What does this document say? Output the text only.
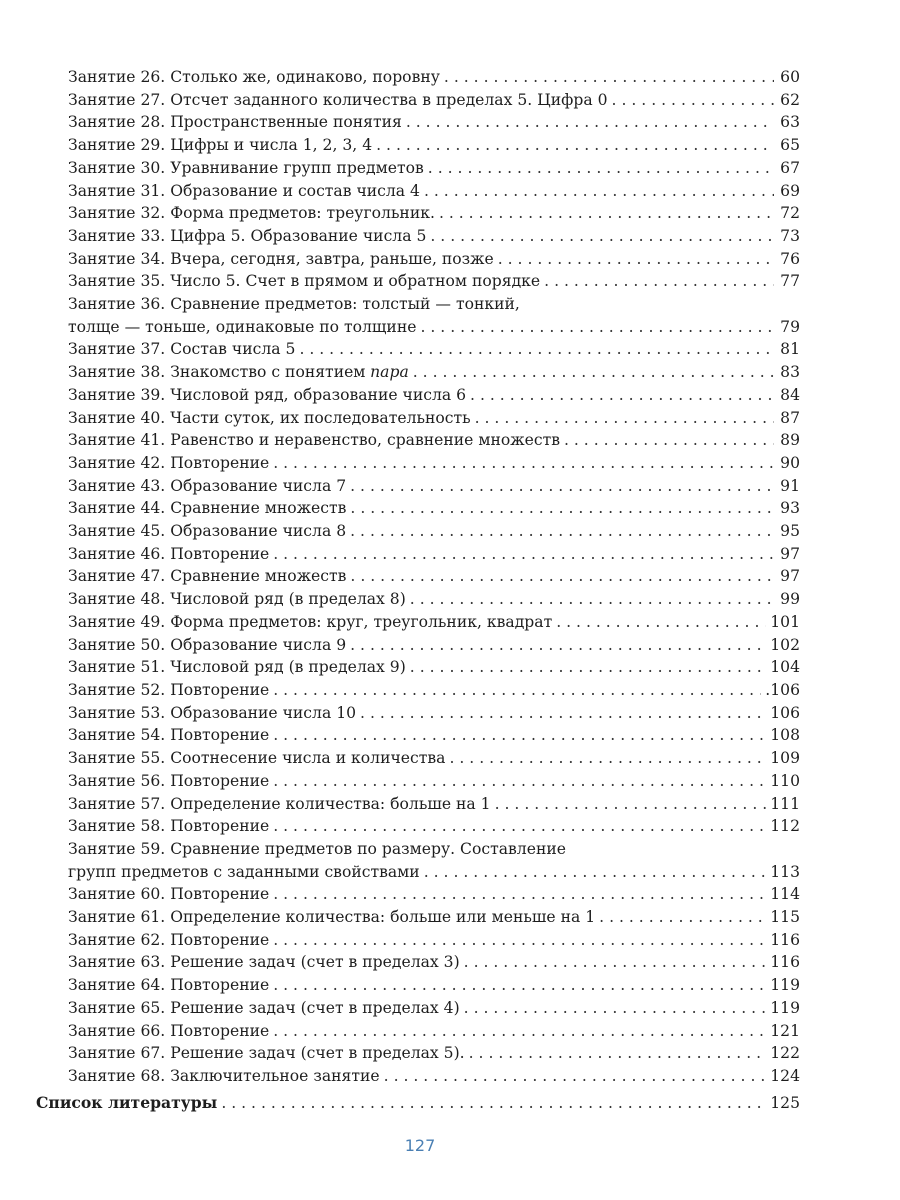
Занятие 26. Столько же, одинаково, поровну . . .	60
Занятие 27. Отсчет заданного количества в пределах 5. Цифра 0 . . .	62
Занятие 28. Пространственные понятия . . .	63
Занятие 29. Цифры и числа 1, 2, 3, 4 . . .	65
Занятие 30. Уравнивание групп предметов . . .	67
Занятие 31. Образование и состав числа 4 . . .	69
Занятие 32. Форма предметов: треугольник. . . .	72
Занятие 33. Цифра 5. Образование числа 5 . . .	73
Занятие 34. Вчера, сегодня, завтра, раньше, позже . . .	76
Занятие 35. Число 5. Счет в прямом и обратном порядке . . .	77
Занятие 36. Сравнение предметов: толстый — тонкий,
толще — тоньше, одинаковые по толщине . . .	79
Занятие 37. Состав числа 5 . . .	81
Занятие 38. Знакомство с понятием пара . . .	83
Занятие 39. Числовой ряд, образование числа 6 . . .	84
Занятие 40. Части суток, их последовательность . . .	87
Занятие 41. Равенство и неравенство, сравнение множеств . . .	89
Занятие 42. Повторение . . .	90
Занятие 43. Образование числа 7 . . .	91
Занятие 44. Сравнение множеств . . .	93
Занятие 45. Образование числа 8 . . .	95
Занятие 46. Повторение . . .	97
Занятие 47. Сравнение множеств . . .	97
Занятие 48. Числовой ряд (в пределах 8) . . .	99
Занятие 49. Форма предметов: круг, треугольник, квадрат . . .	101
Занятие 50. Образование числа 9 . . .	102
Занятие 51. Числовой ряд (в пределах 9) . . .	104
Занятие 52. Повторение . . .	.106
Занятие 53. Образование числа 10 . . .	106
Занятие 54. Повторение . . .	108
Занятие 55. Соотнесение числа и количества . . .	109
Занятие 56. Повторение . . .	110
Занятие 57. Определение количества: больше на 1 . . .	111
Занятие 58. Повторение . . .	112
Занятие 59. Сравнение предметов по размеру. Составление
групп предметов с заданными свойствами . . .	113
Занятие 60. Повторение . . .	114
Занятие 61. Определение количества: больше или меньше на 1 . . .	115
Занятие 62. Повторение . . .	116
Занятие 63. Решение задач (счет в пределах 3) . . .	116
Занятие 64. Повторение . . .	119
Занятие 65. Решение задач (счет в пределах 4) . . .	119
Занятие 66. Повторение . . .	121
Занятие 67. Решение задач (счет в пределах 5). . . .	122
Занятие 68. Заключительное занятие . . .	124
Список литературы . . .	125
127
